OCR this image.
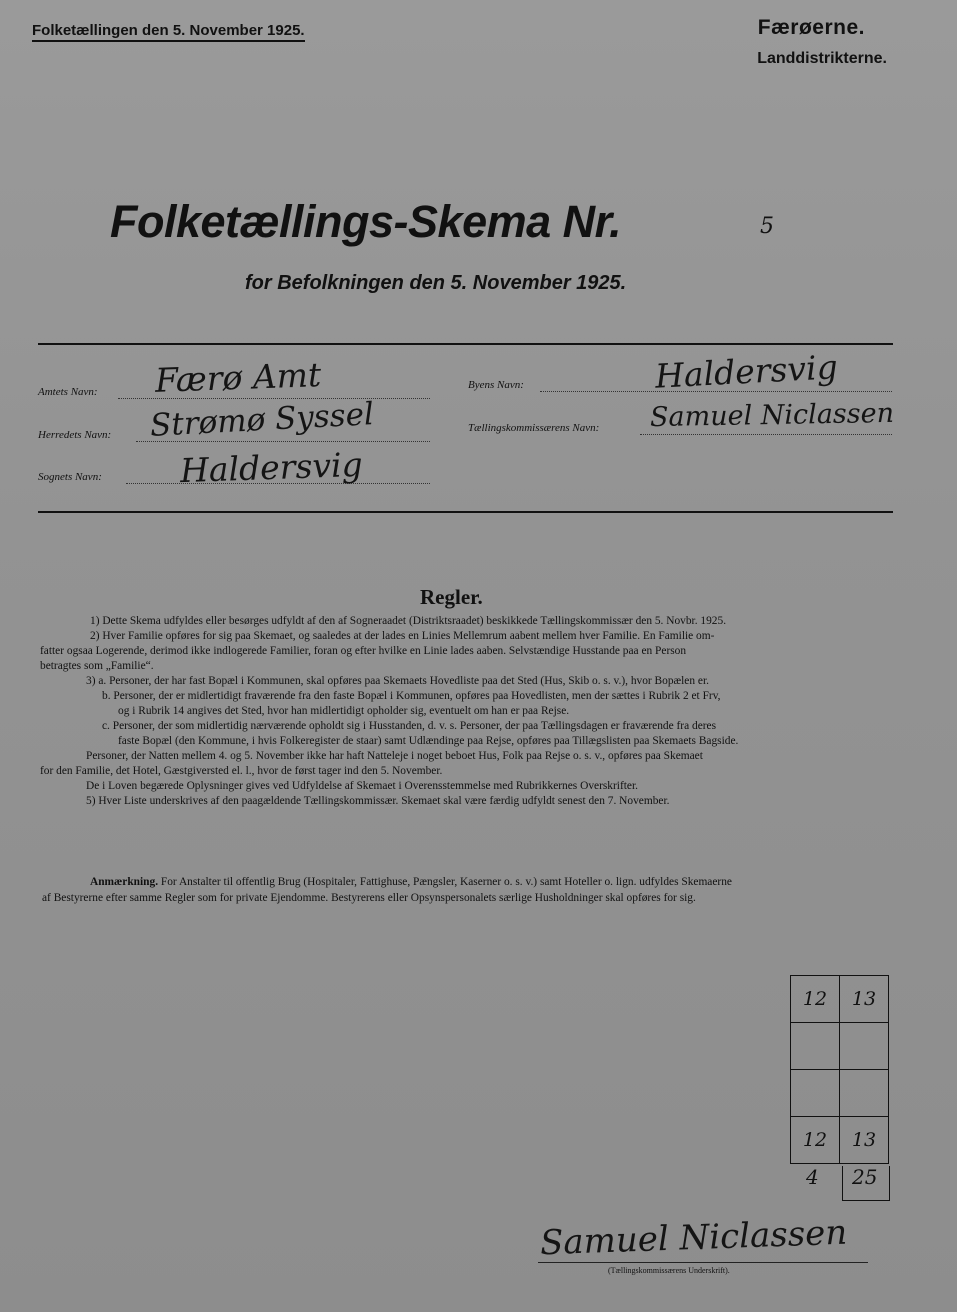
Folketællingen den 5. November 1925.	Færøerne.
Landdistrikterne.
Folketællings-Skema Nr.	5
for Befolkningen den 5. November 1925.
Amtets Navn: Færø Amt
Herredets Navn: Strømø Syssel
Sognets Navn: Haldersvig
Byens Navn:	Haldersvig
Tællingskommissærens Navn: Samuel Niclassen
Regler.

1) Dette Skema udfyldes eller besørges udfyldt af den af Sogneraadet (Distriktsraadet) beskikkede Tællingskommissær den 5. Novbr. 1925.

2) Hver Familie opføres for sig paa Skemaet, og saaledes at der lades en Linies Mellemrum aabent mellem hver Familie. En Familie om-

fatter ogsaa Logerende, derimod ikke indlogerede Familier, foran og efter hvilke en Linie lades aaben. Selvstændige Husstande paa en Person

betragtes som „Familie“.

3) a. Personer, der har fast Bopæl i Kommunen, skal opføres paa Skemaets Hovedliste paa det Sted (Hus, Skib o. s. v.), hvor Bopælen er.

b. Personer, der er midlertidigt fraværende fra den faste Bopæl i Kommunen, opføres paa Hovedlisten, men der sættes i Rubrik 2 et Frv,

og i Rubrik 14 angives det Sted, hvor han midlertidigt opholder sig, eventuelt om han er paa Rejse.

c. Personer, der som midlertidig nærværende opholdt sig i Husstanden, d. v. s. Personer, der paa Tællingsdagen er fraværende fra deres

faste Bopæl (den Kommune, i hvis Folkeregister de staar) samt Udlændinge paa Rejse, opføres paa Tillægslisten paa Skemaets Bagside.

Personer, der Natten mellem 4. og 5. November ikke har haft Natteleje i noget beboet Hus, Folk paa Rejse o. s. v., opføres paa Skemaet

for den Familie, det Hotel, Gæstgiversted el. l., hvor de først tager ind den 5. November.

De i Loven begærede Oplysninger gives ved Udfyldelse af Skemaet i Overensstemmelse med Rubrikkernes Overskrifter.

5) Hver Liste underskrives af den paagældende Tællingskommissær. Skemaet skal være færdig udfyldt senest den 7. November.

Anmærkning. For Anstalter til offentlig Brug (Hospitaler, Fattighuse, Pængsler, Kaserner o. s. v.) samt Hoteller o. lign. udfyldes Skemaerne

af Bestyrerne efter samme Regler som for private Ejendomme. Bestyrerens eller Opsynspersonalets særlige Husholdninger skal opføres for sig.

12	13

12	13
4 25
Samuel Niclassen
(Tællingskommissærens Underskrift).
